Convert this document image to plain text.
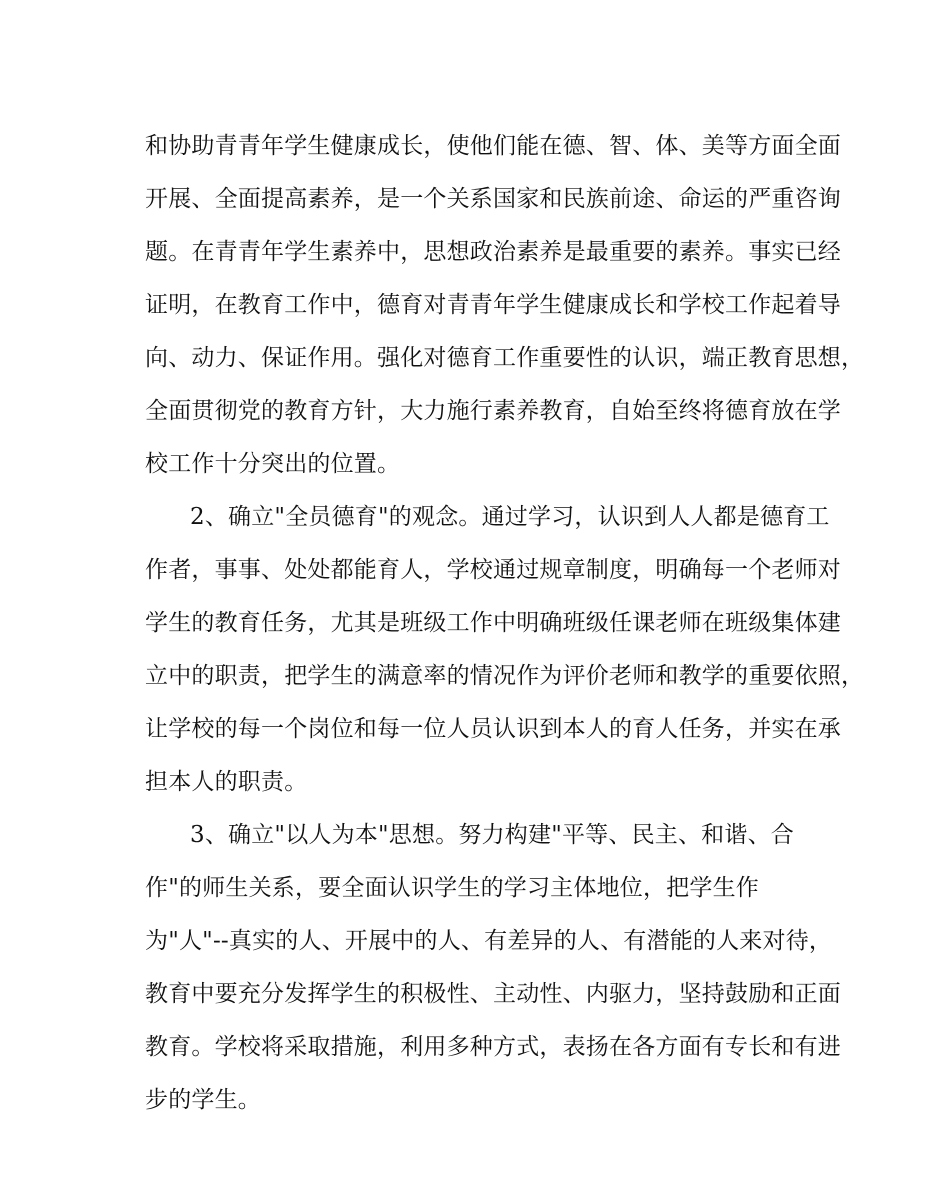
和协助青青年学生健康成长，使他们能在德、智、体、美等方面全面
开展、全面提高素养，是一个关系国家和民族前途、命运的严重咨询
题。在青青年学生素养中，思想政治素养是最重要的素养。事实已经
证明，在教育工作中，德育对青青年学生健康成长和学校工作起着导
向、动力、保证作用。强化对德育工作重要性的认识，端正教育思想，
全面贯彻党的教育方针，大力施行素养教育，自始至终将德育放在学
校工作十分突出的位置。
2、确立"全员德育"的观念。通过学习，认识到人人都是德育工
作者，事事、处处都能育人，学校通过规章制度，明确每一个老师对
学生的教育任务，尤其是班级工作中明确班级任课老师在班级集体建
立中的职责，把学生的满意率的情况作为评价老师和教学的重要依照，
让学校的每一个岗位和每一位人员认识到本人的育人任务，并实在承
担本人的职责。
3、确立"以人为本"思想。努力构建"平等、民主、和谐、合
作"的师生关系，要全面认识学生的学习主体地位，把学生作
为"人"--真实的人、开展中的人、有差异的人、有潜能的人来对待，
教育中要充分发挥学生的积极性、主动性、内驱力，坚持鼓励和正面
教育。学校将采取措施，利用多种方式，表扬在各方面有专长和有进
步的学生。
